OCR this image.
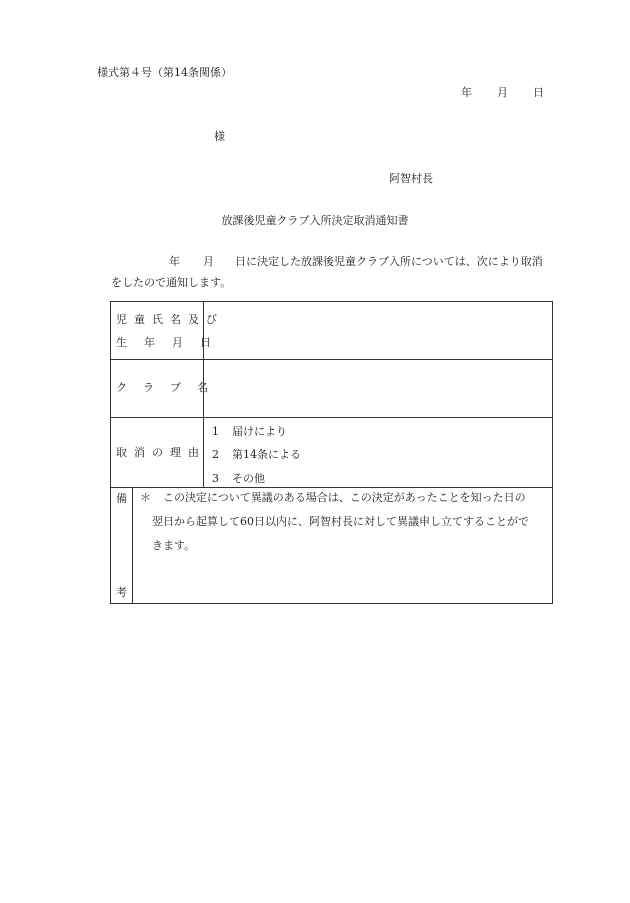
様式第４号（第14条関係）
年 月 日
様
阿智村長
放課後児童クラブ入所決定取消通知書
年 月 日に決定した放課後児童クラブ入所については、次により取消
をしたので通知します。
児童氏名及び
生年月日
クラブ名
取消の理由
1 届けにより
2 第14条による
3 その他
備
考
＊ この決定について異議のある場合は、この決定があったことを知った日の
翌日から起算して60日以内に、阿智村長に対して異議申し立てすることがで
きます。
